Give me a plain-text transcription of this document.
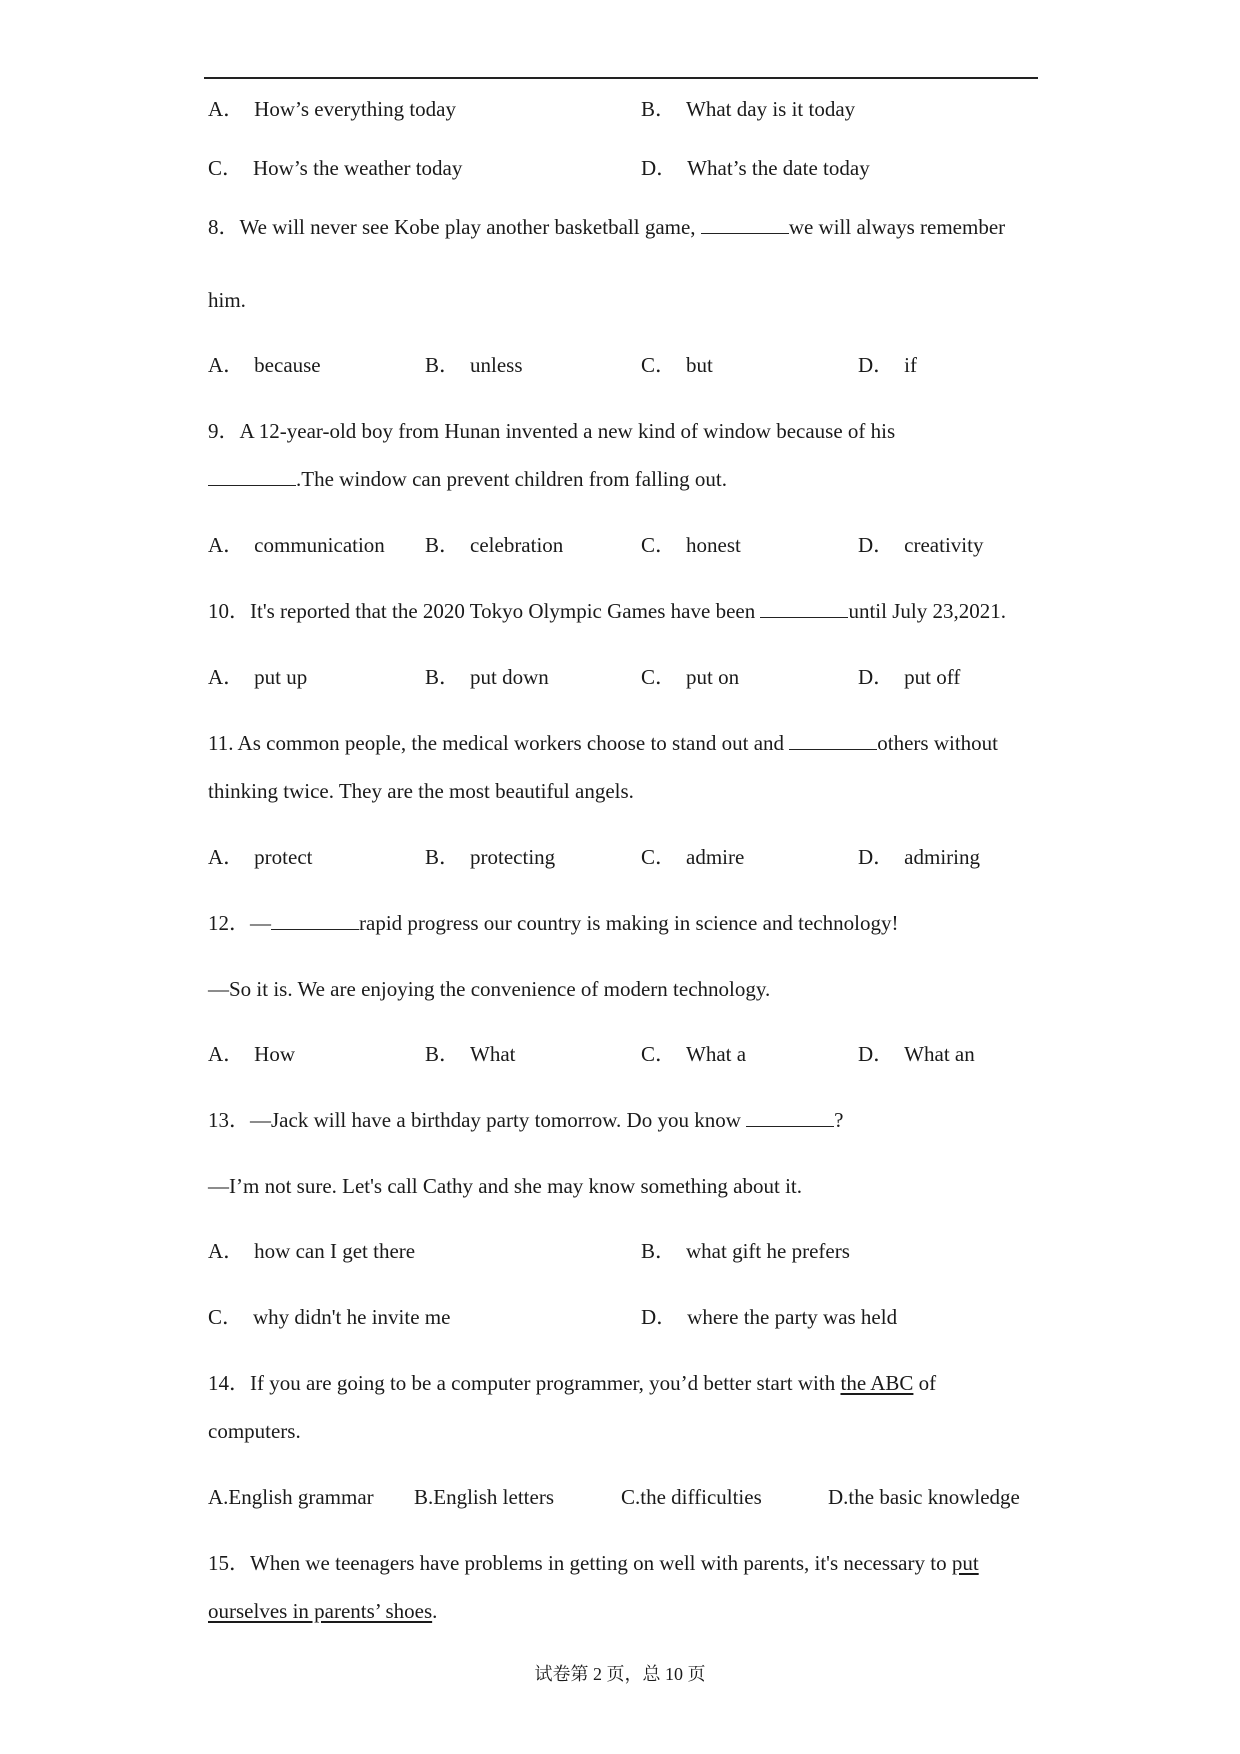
A． How’s everything today	B． What day is it today
C． How’s the weather today	D． What’s the date today
8．We will never see Kobe play another basketball game,	we will always remember
him.
A． because	B． unless	C． but	D． if
9．A 12-year-old boy from Hunan invented a new kind of window because of his
.The window can prevent children from falling out.
A． communication B． celebration	C． honest	D． creativity
10．It's reported that the 2020 Tokyo Olympic Games have been	until July 23,2021.
A． put up	B． put down	C． put on	D． put off
11. As common people, the medical workers choose to stand out and	others without
thinking twice. They are the most beautiful angels.
A． protect	B． protecting	C． admire	D． admiring
12．—	rapid progress our country is making in science and technology!
—So it is. We are enjoying the convenience of modern technology.
A． How	B． What	C． What a	D． What an
13．—Jack will have a birthday party tomorrow. Do you know	?
—I’m not sure. Let's call Cathy and she may know something about it.
A． how can I get there	B． what gift he prefers
C． why didn't he invite me	D． where the party was held
14．If you are going to be a computer programmer, you’d better start with the ABC of
computers.
A.English grammar B.English letters	C.the difficulties	D.the basic knowledge
15．When we teenagers have problems in getting on well with parents, it's necessary to put
ourselves in parents’ shoes.
试卷第 2 页，总 10 页
